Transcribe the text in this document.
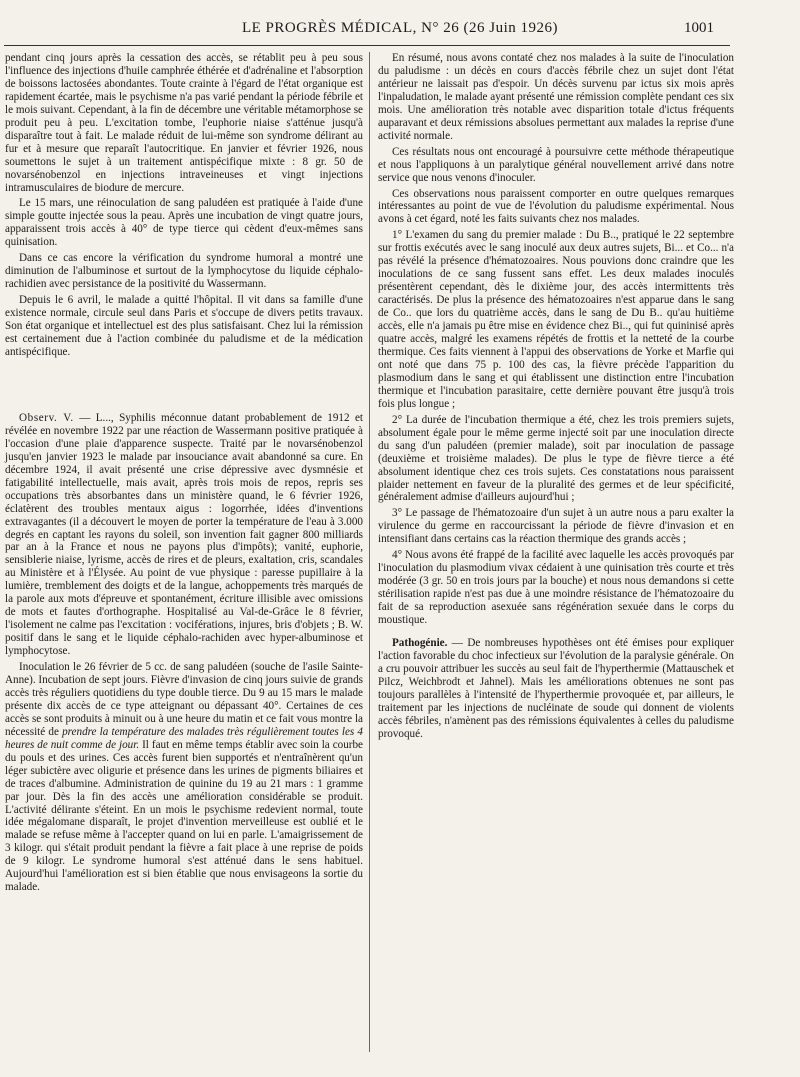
LE PROGRÈS MÉDICAL, N° 26 (26 Juin 1926)	1001

pendant cinq jours après la cessation des accès, se rétablit peu à peu sous l'influence des injections d'huile camphrée éthérée et d'adrénaline et l'absorption de boissons lactosées abondantes. Toute crainte à l'égard de l'état organique est rapidement écartée, mais le psychisme n'a pas varié pendant la période fébrile et le mois suivant. Cependant, à la fin de décembre une véritable métamorphose se produit peu à peu. L'excitation tombe, l'euphorie niaise s'atténue jusqu'à disparaître tout à fait. Le malade réduit de lui-même son syndrome délirant au fur et à mesure que reparaît l'autocritique. En janvier et février 1926, nous soumettons le sujet à un traitement antispécifique mixte : 8 gr. 50 de novarsénobenzol en injections intraveineuses et vingt injections intramusculaires de biodure de mercure.

Le 15 mars, une réinoculation de sang paludéen est pratiquée à l'aide d'une simple goutte injectée sous la peau. Après une incubation de vingt quatre jours, apparaissent trois accès à 40° de type tierce qui cèdent d'eux-mêmes sans quinisation.

Dans ce cas encore la vérification du syndrome humoral a montré une diminution de l'albuminose et surtout de la lymphocytose du liquide céphalo-rachidien avec persistance de la positivité du Wassermann.

Depuis le 6 avril, le malade a quitté l'hôpital. Il vit dans sa famille d'une existence normale, circule seul dans Paris et s'occupe de divers petits travaux. Son état organique et intellectuel est des plus satisfaisant. Chez lui la rémission est certainement due à l'action combinée du paludisme et de la médication antispécifique.

Observ. V. — L..., Syphilis méconnue datant probablement de 1912 et révélée en novembre 1922 par une réaction de Wassermann positive pratiquée à l'occasion d'une plaie d'apparence suspecte. Traité par le novarsénobenzol jusqu'en janvier 1923 le malade par insouciance avait abandonné sa cure. En décembre 1924, il avait présenté une crise dépressive avec dysmnésie et fatigabilité intellectuelle, mais avait, après trois mois de repos, repris ses occupations très absorbantes dans un ministère quand, le 6 février 1926, éclatèrent des troubles mentaux aigus : logorrhée, idées d'inventions extravagantes (il a découvert le moyen de porter la température de l'eau à 3.000 degrés en captant les rayons du soleil, son invention fait gagner 800 milliards par an à la France et nous ne payons plus d'impôts); vanité, euphorie, sensiblerie niaise, lyrisme, accès de rires et de pleurs, exaltation, cris, scandales au Ministère et à l'Élysée. Au point de vue physique : paresse pupillaire à la lumière, tremblement des doigts et de la langue, achoppements très marqués de la parole aux mots d'épreuve et spontanément, écriture illisible avec omissions de mots et fautes d'orthographe. Hospitalisé au Val-de-Grâce le 8 février, l'isolement ne calme pas l'excitation : vociférations, injures, bris d'objets ; B. W. positif dans le sang et le liquide céphalo-rachiden avec hyper-albuminose et lymphocytose.

Inoculation le 26 février de 5 cc. de sang paludéen (souche de l'asile Sainte-Anne). Incubation de sept jours. Fièvre d'invasion de cinq jours suivie de grands accès très réguliers quotidiens du type double tierce. Du 9 au 15 mars le malade présente dix accès de ce type atteignant ou dépassant 40°. Certaines de ces accès se sont produits à minuit ou à une heure du matin et ce fait vous montre la nécessité de prendre la température des malades très régulièrement toutes les 4 heures de nuit comme de jour. Il faut en même temps établir avec soin la courbe du pouls et des urines. Ces accès furent bien supportés et n'entraînèrent qu'un léger subictère avec oligurie et présence dans les urines de pigments biliaires et de traces d'albumine. Administration de quinine du 19 au 21 mars : 1 gramme par jour. Dès la fin des accès une amélioration considérable se produit. L'activité délirante s'éteint. En un mois le psychisme redevient normal, toute idée mégalomane disparaît, le projet d'invention merveilleuse est oublié et le malade se refuse même à l'accepter quand on lui en parle. L'amaigrissement de 3 kilogr. qui s'était produit pendant la fièvre a fait place à une reprise de poids de 9 kilogr. Le syndrome humoral s'est atténué dans le sens habituel. Aujourd'hui l'amélioration est si bien établie que nous envisageons la sortie du malade.

En résumé, nous avons contaté chez nos malades à la suite de l'inoculation du paludisme : un décès en cours d'accès fébrile chez un sujet dont l'état antérieur ne laissait pas d'espoir. Un décès survenu par ictus six mois après l'inpaludation, le malade ayant présenté une rémission complète pendant ces six mois. Une amélioration très notable avec disparition totale d'ictus fréquents auparavant et deux rémissions absolues permettant aux malades la reprise d'une activité normale.

Ces résultats nous ont encouragé à poursuivre cette méthode thérapeutique et nous l'appliquons à un paralytique général nouvellement arrivé dans notre service que nous venons d'inoculer.

Ces observations nous paraissent comporter en outre quelques remarques intéressantes au point de vue de l'évolution du paludisme expérimental. Nous avons à cet égard, noté les faits suivants chez nos malades.

1° L'examen du sang du premier malade : Du B.., pratiqué le 22 septembre sur frottis exécutés avec le sang inoculé aux deux autres sujets, Bi... et Co... n'a pas révélé la présence d'hématozoaires. Nous pouvions donc craindre que les inoculations de ce sang fussent sans effet. Les deux malades inoculés présentèrent cependant, dès le dixième jour, des accès intermittents très caractérisés. De plus la présence des hématozoaires n'est apparue dans le sang de Co.. que lors du quatrième accès, dans le sang de Du B.. qu'au huitième accès, elle n'a jamais pu être mise en évidence chez Bi.., qui fut quininisé après quatre accès, malgré les examens répétés de frottis et la netteté de la courbe thermique. Ces faits viennent à l'appui des observations de Yorke et Marfie qui ont noté que dans 75 p. 100 des cas, la fièvre précède l'apparition du plasmodium dans le sang et qui établissent une distinction entre l'incubation thermique et l'incubation parasitaire, cette dernière pouvant être jusqu'à trois fois plus longue ;

2° La durée de l'incubation thermique a été, chez les trois premiers sujets, absolument égale pour le même germe injecté soit par une inoculation directe du sang d'un paludéen (premier malade), soit par inoculation de passage (deuxième et troisième malades). De plus le type de fièvre tierce a été absolument identique chez ces trois sujets. Ces constatations nous paraissent plaider nettement en faveur de la pluralité des germes et de leur spécificité, généralement admise d'ailleurs aujourd'hui ;

3° Le passage de l'hématozoaire d'un sujet à un autre nous a paru exalter la virulence du germe en raccourcissant la période de fièvre d'invasion et en intensifiant dans certains cas la réaction thermique des grands accès ;

4° Nous avons été frappé de la facilité avec laquelle les accès provoqués par l'inoculation du plasmodium vivax cédaient à une quinisation très courte et très modérée (3 gr. 50 en trois jours par la bouche) et nous nous demandons si cette stérilisation rapide n'est pas due à une moindre résistance de l'hématozoaire du fait de sa reproduction asexuée sans régénération sexuée dans le corps du moustique.

Pathogénie. — De nombreuses hypothèses ont été émises pour expliquer l'action favorable du choc infectieux sur l'évolution de la paralysie générale. On a cru pouvoir attribuer les succès au seul fait de l'hyperthermie (Mattauschek et Pilcz, Weichbrodt et Jahnel). Mais les améliorations obtenues ne sont pas toujours parallèles à l'intensité de l'hyperthermie provoquée et, par ailleurs, le traitement par les injections de nucléinate de soude qui donnent de violents accès fébriles, n'amènent pas des rémissions équivalentes à celles du paludisme provoqué.
